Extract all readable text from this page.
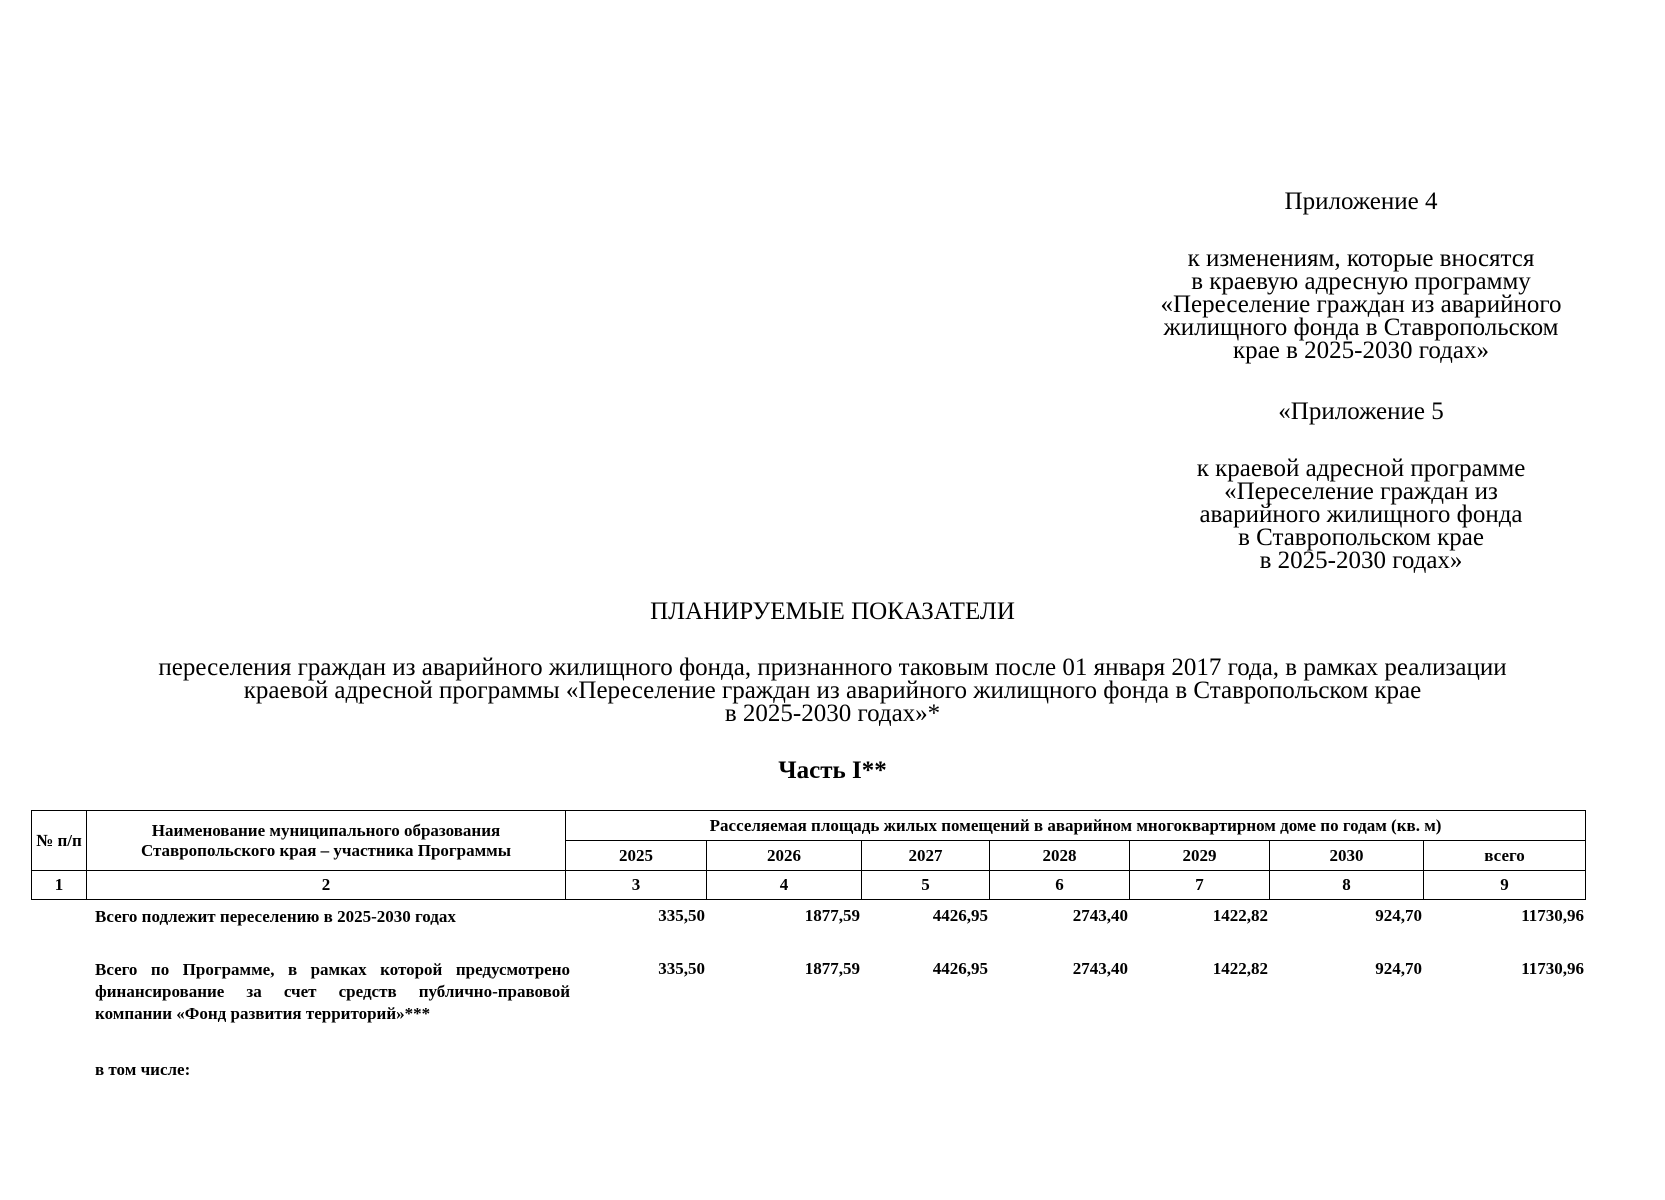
Приложение 4
к изменениям, которые вносятся
в краевую адресную программу
«Переселение граждан из аварийного
жилищного фонда в Ставропольском
крае в 2025-2030 годах»
«Приложение 5
к краевой адресной программе
«Переселение граждан из
аварийного жилищного фонда
в Ставропольском крае
в 2025-2030 годах»
ПЛАНИРУЕМЫЕ ПОКАЗАТЕЛИ
переселения граждан из аварийного жилищного фонда, признанного таковым после 01 января 2017 года, в рамках реализации
краевой адресной программы «Переселение граждан из аварийного жилищного фонда в Ставропольском крае
в 2025-2030 годах»*
Часть I**
№ п/п	Наименование муниципального образования Ставропольского края – участника Программы	Расселяемая площадь жилых помещений в аварийном многоквартирном доме по годам (кв. м)						
		2025	2026	2027	2028	2029	2030	всего
1	2	3	4	5	6	7	8	9
Всего подлежит переселению в 2025-2030 годах	335,50	1877,59	4426,95	2743,40	1422,82	924,70	11730,96
Всего по Программе, в рамках которой предусмотрено
финансирование за счет средств публично-правовой
компании «Фонд развития территорий»***
335,50	1877,59	4426,95	2743,40	1422,82	924,70	11730,96
в том числе:
